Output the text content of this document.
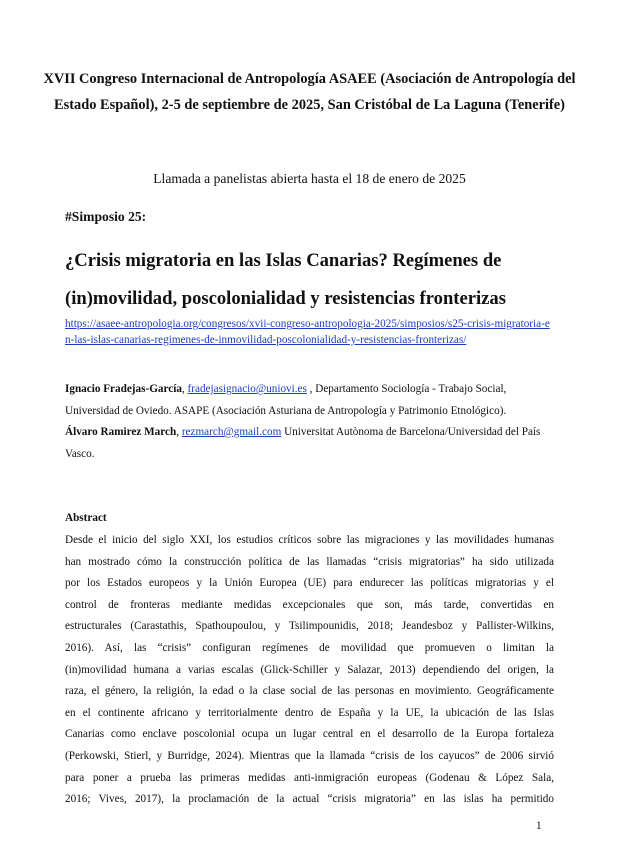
XVII Congreso Internacional de Antropología ASAEE (Asociación de Antropología del Estado Español), 2-5 de septiembre de 2025, San Cristóbal de La Laguna (Tenerife)
Llamada a panelistas abierta hasta el 18 de enero de 2025
#Simposio 25:
¿Crisis migratoria en las Islas Canarias? Regímenes de (in)movilidad, poscolonialidad y resistencias fronterizas
https://asaee-antropologia.org/congresos/xvii-congreso-antropologia-2025/simposios/s25-crisis-migratoria-en-las-islas-canarias-regimenes-de-inmovilidad-poscolonialidad-y-resistencias-fronterizas/
Ignacio Fradejas-García, fradejasignacio@uniovi.es , Departamento Sociología - Trabajo Social, Universidad de Oviedo. ASAPE (Asociación Asturiana de Antropología y Patrimonio Etnológico).
Álvaro Ramirez March, rezmarch@gmail.com Universitat Autònoma de Barcelona/Universidad del País Vasco.
Abstract
Desde el inicio del siglo XXI, los estudios críticos sobre las migraciones y las movilidades humanas
han mostrado cómo la construcción política de las llamadas “crisis migratorias” ha sido utilizada
por los Estados europeos y la Unión Europea (UE) para endurecer las políticas migratorias y el
control de fronteras mediante medidas excepcionales que son, más tarde, convertidas en
estructurales (Carastathis, Spathoupoulou, y Tsilimpounidis, 2018; Jeandesboz y Pallister-Wilkins,
2016). Así, las “crisis” configuran regímenes de movilidad que promueven o limitan la
(in)movilidad humana a varias escalas (Glick-Schiller y Salazar, 2013) dependiendo del origen, la
raza, el género, la religión, la edad o la clase social de las personas en movimiento. Geográficamente
en el continente africano y territorialmente dentro de España y la UE, la ubicación de las Islas
Canarias como enclave poscolonial ocupa un lugar central en el desarrollo de la Europa fortaleza
(Perkowski, Stierl, y Burridge, 2024). Mientras que la llamada “crisis de los cayucos” de 2006 sirvió
para poner a prueba las primeras medidas anti-inmigración europeas (Godenau & López Sala,
2016; Vives, 2017), la proclamación de la actual “crisis migratoria” en las islas ha permitido
1
